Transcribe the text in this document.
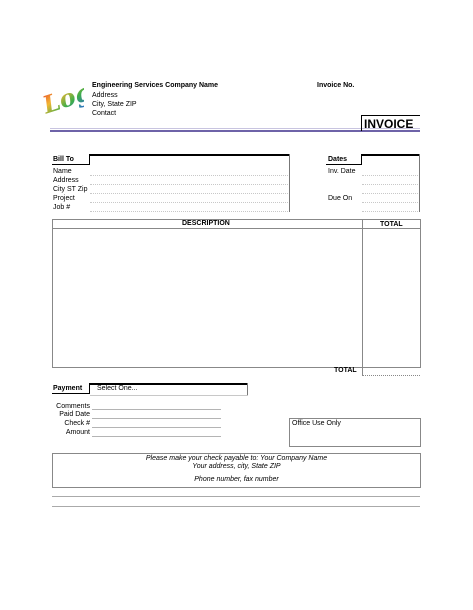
Logo
Engineering Services Company Name
Address
City, State ZIP
Contact
Invoice No.
INVOICE
Bill To
Name
Address
City ST Zip
Project
Job #
Dates
Inv. Date
Due On
DESCRIPTION	TOTAL
TOTAL
Payment Select One...
Comments
Paid Date
Check #
Amount
Office Use Only
Please make your check payable to: Your Company Name
Your address, city, State ZIP
Phone number, fax number
